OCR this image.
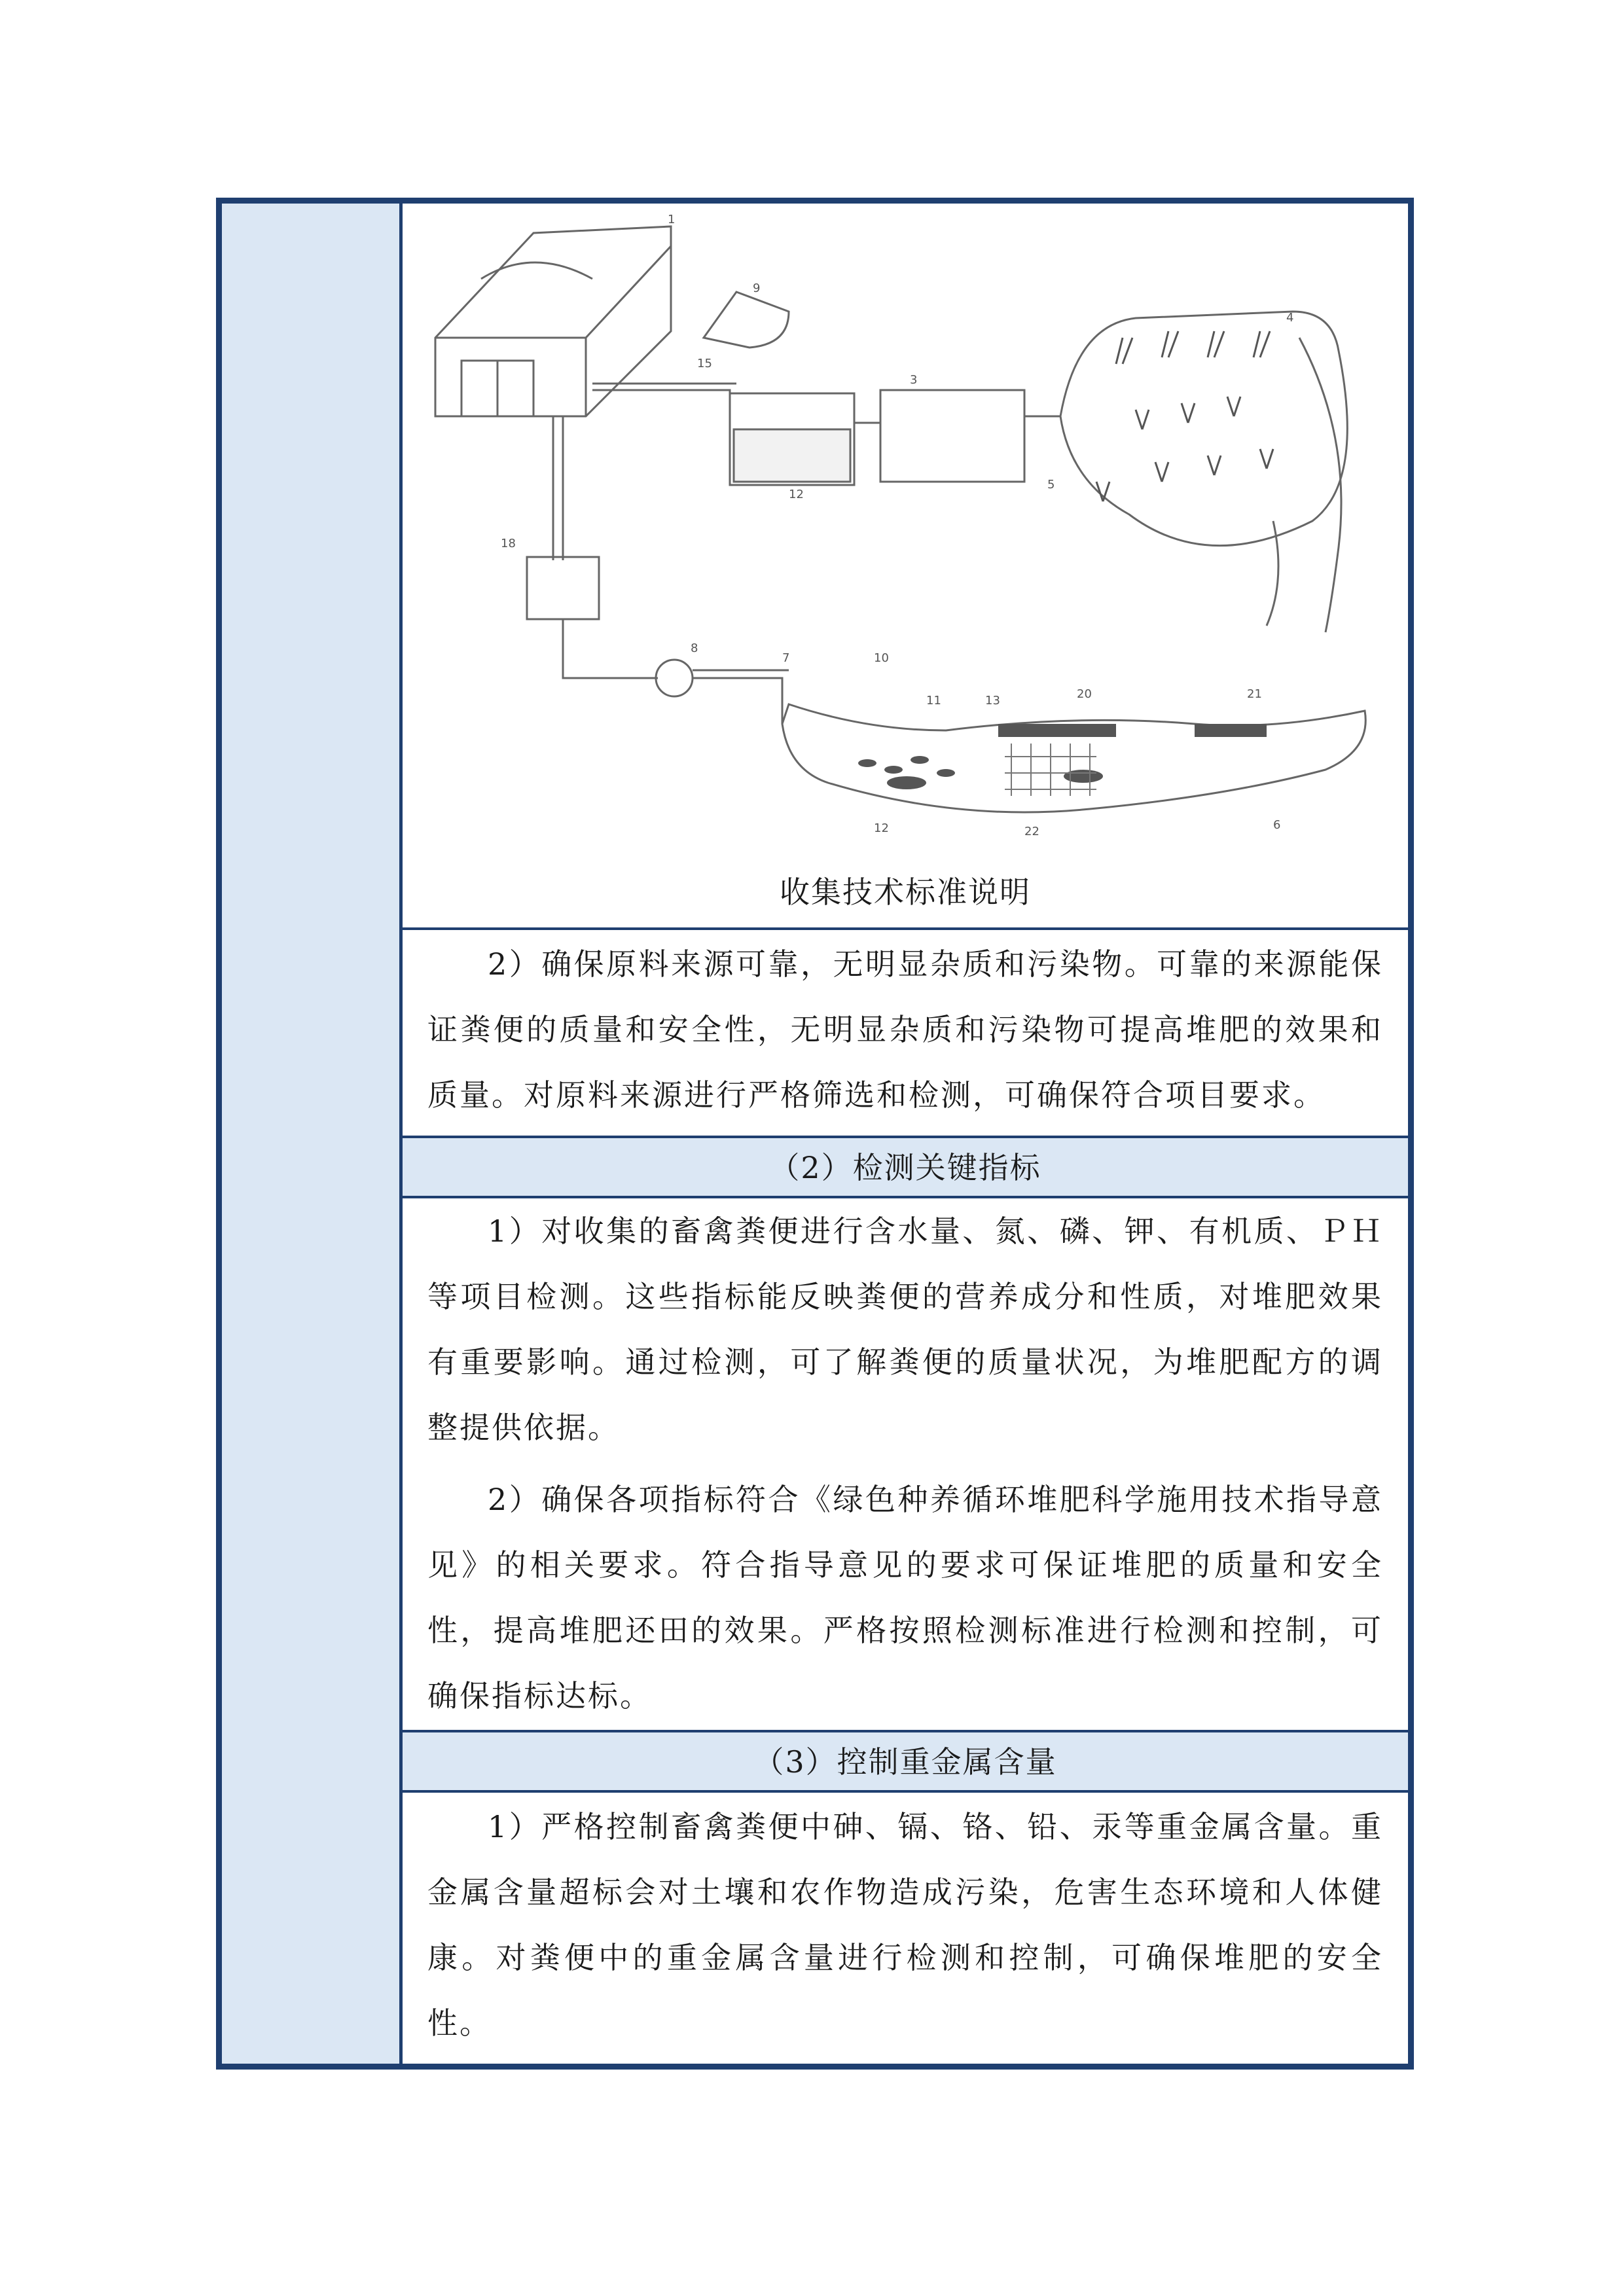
1
9
15
3
12
4
5
18
8
7	10
11	13	20	21
12	22	6
收集技术标准说明

2）确保原料来源可靠，无明显杂质和污染物。可靠的来源能保证粪便的质量和安全性，无明显杂质和污染物可提高堆肥的效果和质量。对原料来源进行严格筛选和检测，可确保符合项目要求。

（2）检测关键指标

1）对收集的畜禽粪便进行含水量、氮、磷、钾、有机质、ＰＨ等项目检测。这些指标能反映粪便的营养成分和性质，对堆肥效果有重要影响。通过检测，可了解粪便的质量状况，为堆肥配方的调整提供依据。

2）确保各项指标符合《绿色种养循环堆肥科学施用技术指导意见》的相关要求。符合指导意见的要求可保证堆肥的质量和安全性，提高堆肥还田的效果。严格按照检测标准进行检测和控制，可确保指标达标。

（3）控制重金属含量

1）严格控制畜禽粪便中砷、镉、铬、铅、汞等重金属含量。重金属含量超标会对土壤和农作物造成污染，危害生态环境和人体健康。对粪便中的重金属含量进行检测和控制，可确保堆肥的安全性。
